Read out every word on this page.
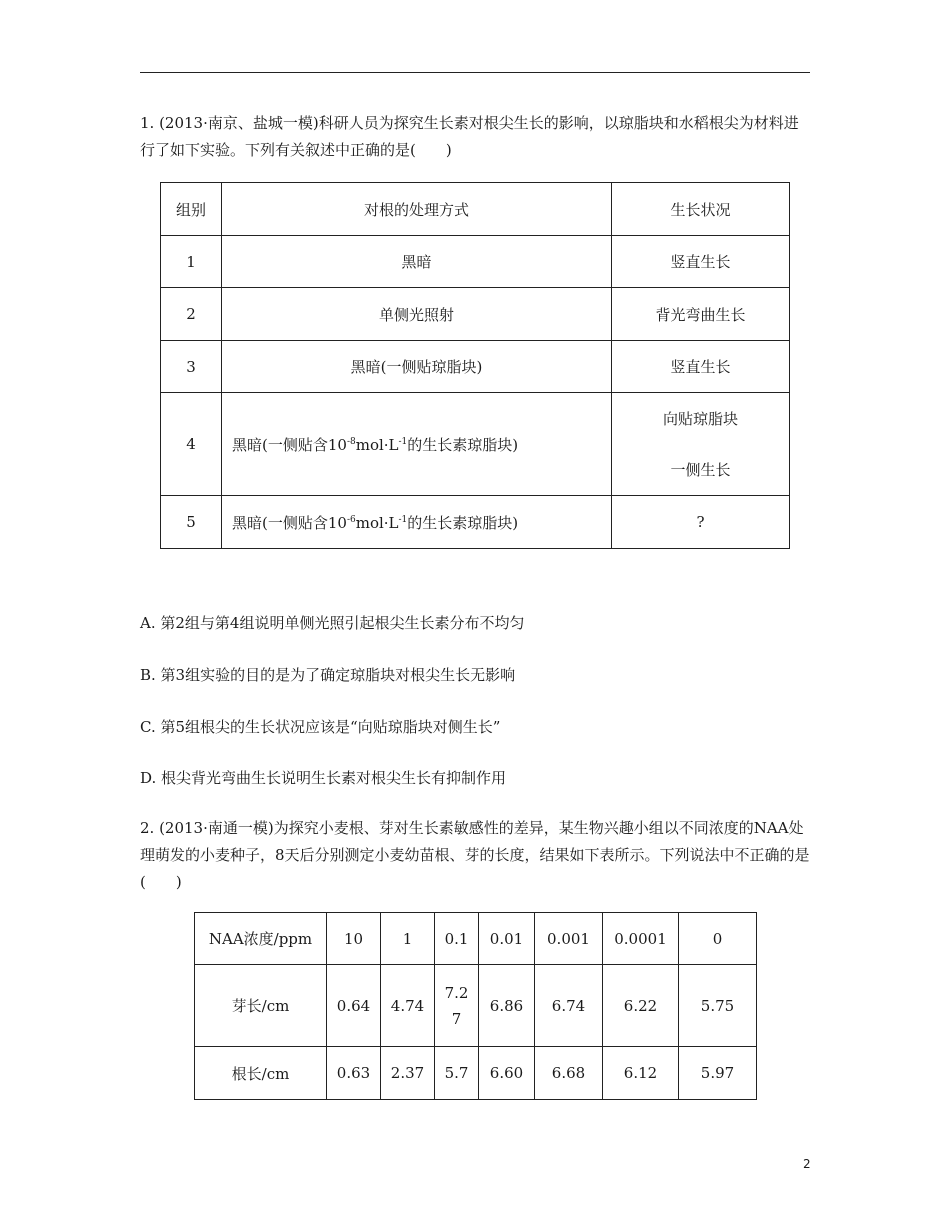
1. (2013·南京、盐城一模)科研人员为探究生长素对根尖生长的影响，以琼脂块和水稻根尖为材料进行了如下实验。下列有关叙述中正确的是(　　)

组别	对根的处理方式	生长状况
1	黑暗	竖直生长
2	单侧光照射	背光弯曲生长
3	黑暗(一侧贴琼脂块)	竖直生长
4	黑暗(一侧贴含$10^{-8}mol\cdot L^{-1}$的生长素琼脂块)	向贴琼脂块
一侧生长

5	黑暗(一侧贴含$10^{-6}mol\cdot L^{-1}$的生长素琼脂块)	?

A. 第2组与第4组说明单侧光照引起根尖生长素分布不均匀

B. 第3组实验的目的是为了确定琼脂块对根尖生长无影响

C. 第5组根尖的生长状况应该是“向贴琼脂块对侧生长”

D. 根尖背光弯曲生长说明生长素对根尖生长有抑制作用

2. (2013·南通一模)为探究小麦根、芽对生长素敏感性的差异，某生物兴趣小组以不同浓度的NAA处理萌发的小麦种子，8天后分别测定小麦幼苗根、芽的长度，结果如下表所示。下列说法中不正确的是(　　)

NAA浓度/ppm	10	1	0.1	0.01	0.001	0.0001	0
芽长/cm	0.64	4.74	7.27	6.86	6.74	6.22	5.75
根长/cm	0.63	2.37	5.7	6.60	6.68	6.12	5.97
2
